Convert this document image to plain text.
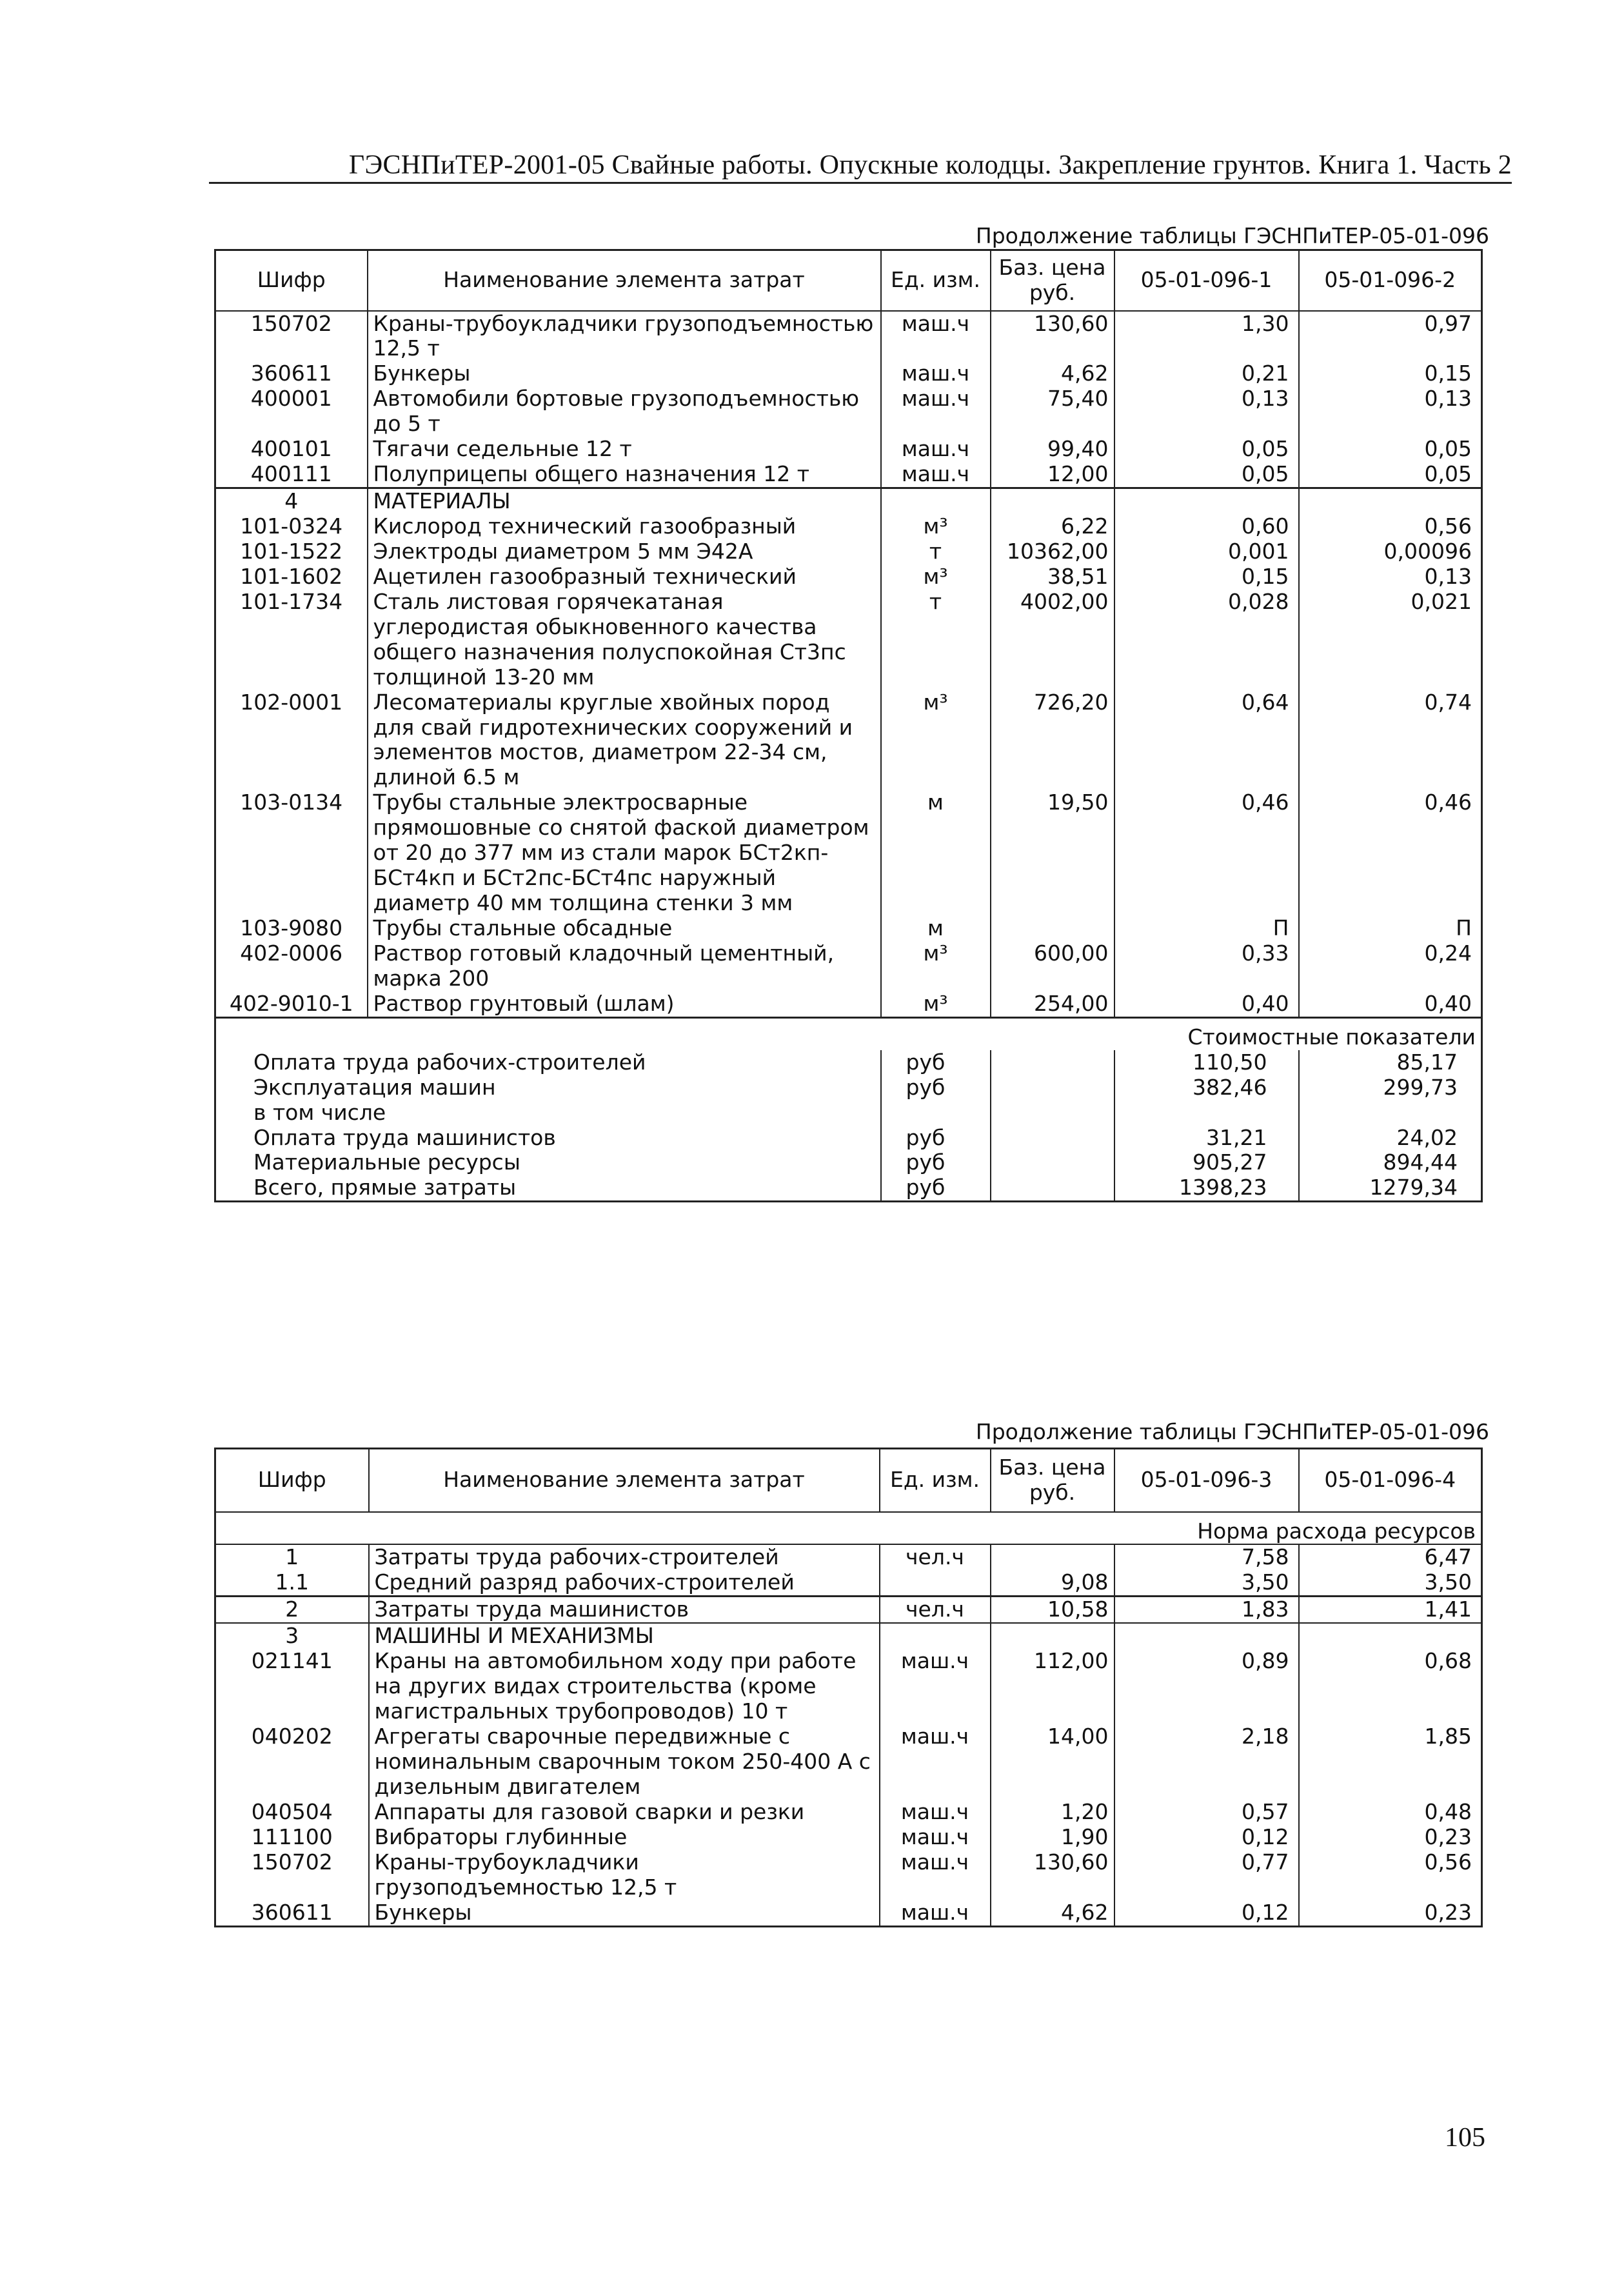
ГЭСНПиТЕР-2001-05 Свайные работы. Опускные колодцы. Закрепление грунтов. Книга 1. Часть 2
Продолжение таблицы ГЭСНПиТЕР-05-01-096
Шифр	Наименование элемента затрат	Ед. изм.	Баз. цена руб.	05-01-096-1	05-01-096-2
150702	Краны-трубоукладчики грузоподъемностью 12,5 т	маш.ч	130,60	1,30	0,97
360611	Бункеры	маш.ч	4,62	0,21	0,15
400001	Автомобили бортовые грузоподъемностью до 5 т	маш.ч	75,40	0,13	0,13
400101	Тягачи седельные 12 т	маш.ч	99,40	0,05	0,05
400111	Полуприцепы общего назначения 12 т	маш.ч	12,00	0,05	0,05
4	МАТЕРИАЛЫ				
101-0324	Кислород технический газообразный	м³	6,22	0,60	0,56
101-1522	Электроды диаметром 5 мм Э42А	т	10362,00	0,001	0,00096
101-1602	Ацетилен газообразный технический	м³	38,51	0,15	0,13
101-1734	Сталь листовая горячекатаная углеродистая обыкновенного качества общего назначения полуспокойная Ст3пс толщиной 13-20 мм	т	4002,00	0,028	0,021
102-0001	Лесоматериалы круглые хвойных пород для свай гидротехнических сооружений и элементов мостов, диаметром 22-34 см, длиной 6.5 м	м³	726,20	0,64	0,74
103-0134	Трубы стальные электросварные прямошовные со снятой фаской диаметром от 20 до 377 мм из стали марок БСт2кп-БСт4кп и БСт2пс-БСт4пс наружный диаметр 40 мм толщина стенки 3 мм	м	19,50	0,46	0,46
103-9080	Трубы стальные обсадные	м		П	П
402-0006	Раствор готовый кладочный цементный, марка 200	м³	600,00	0,33	0,24
402-9010-1	Раствор грунтовый (шлам)	м³	254,00	0,40	0,40
Стоимостные показатели					
Оплата труда рабочих-строителей		руб		110,50	85,17
Эксплуатация машин		руб		382,46	299,73
в том числе					
Оплата труда машинистов		руб		31,21	24,02
Материальные ресурсы		руб		905,27	894,44
Всего, прямые затраты		руб		1398,23	1279,34
Продолжение таблицы ГЭСНПиТЕР-05-01-096
Шифр	Наименование элемента затрат	Ед. изм.	Баз. цена руб.	05-01-096-3	05-01-096-4
Норма расхода ресурсов					
1	Затраты труда рабочих-строителей	чел.ч		7,58	6,47
1.1	Средний разряд рабочих-строителей		9,08	3,50	3,50
2	Затраты труда машинистов	чел.ч	10,58	1,83	1,41
3	МАШИНЫ И МЕХАНИЗМЫ				
021141	Краны на автомобильном ходу при работе на других видах строительства (кроме магистральных трубопроводов) 10 т	маш.ч	112,00	0,89	0,68
040202	Агрегаты сварочные передвижные с номинальным сварочным током 250-400 А с дизельным двигателем	маш.ч	14,00	2,18	1,85
040504	Аппараты для газовой сварки и резки	маш.ч	1,20	0,57	0,48
111100	Вибраторы глубинные	маш.ч	1,90	0,12	0,23
150702	Краны-трубоукладчики грузоподъемностью 12,5 т	маш.ч	130,60	0,77	0,56
360611	Бункеры	маш.ч	4,62	0,12	0,23
105
